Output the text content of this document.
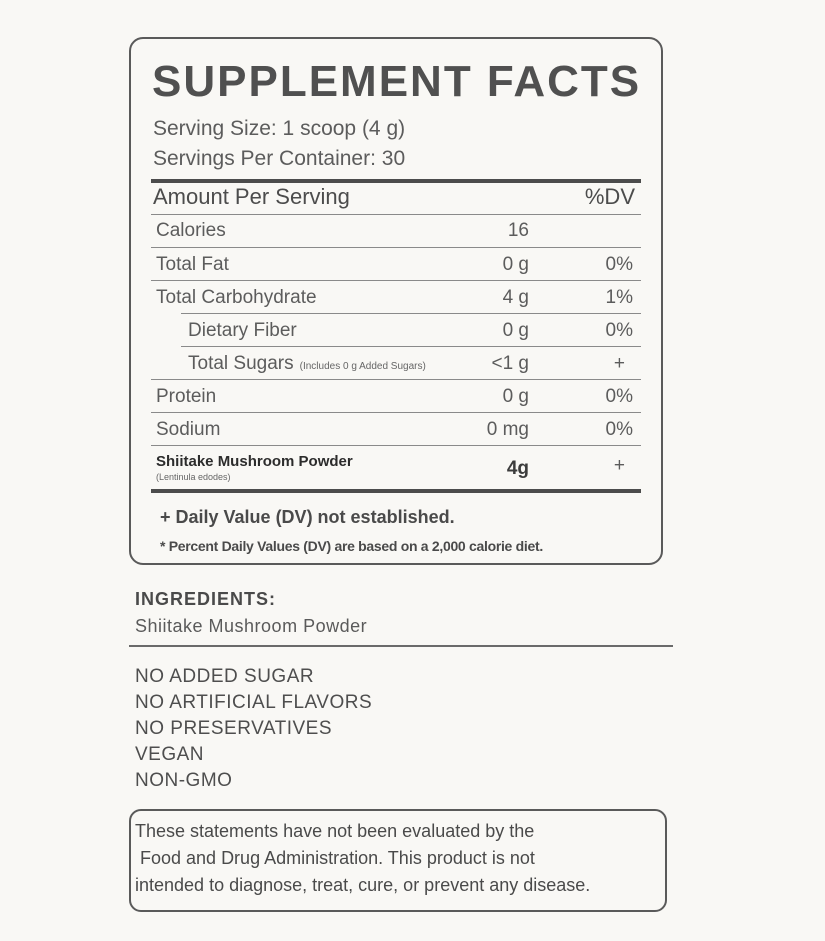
SUPPLEMENT FACTS
Serving Size: 1 scoop (4 g)
Servings Per Container: 30
Amount Per Serving	%DV
Calories	16
Total Fat	0 g	0%
Total Carbohydrate	4 g	1%
Dietary Fiber	0 g	0%
Total Sugars (Includes 0 g Added Sugars)	<1 g	+
Protein	0 g	0%
Sodium	0 mg	0%
Shiitake Mushroom Powder
(Lentinula edodes)	4g	+
+ Daily Value (DV) not established.
* Percent Daily Values (DV) are based on a 2,000 calorie diet.
INGREDIENTS:
Shiitake Mushroom Powder
NO ADDED SUGAR
NO ARTIFICIAL FLAVORS
NO PRESERVATIVES
VEGAN
NON-GMO

These statements have not been evaluated by the
Food and Drug Administration. This product is not
intended to diagnose, treat, cure, or prevent any disease.
